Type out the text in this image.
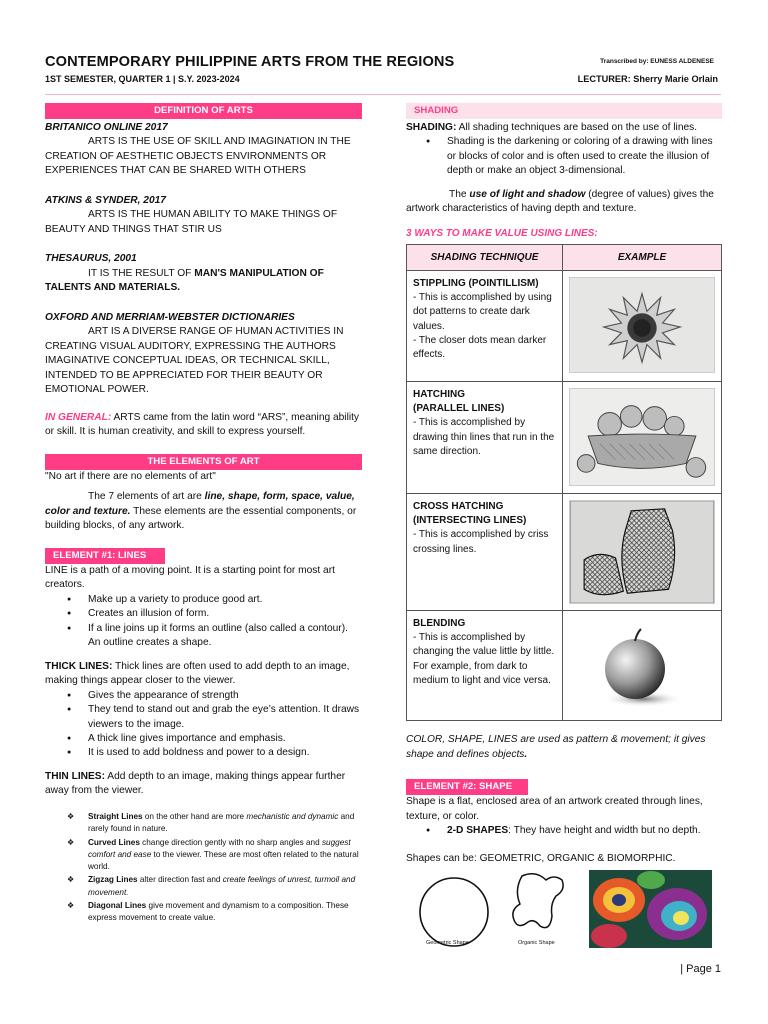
CONTEMPORARY PHILIPPINE ARTS FROM THE REGIONS
1ST SEMESTER, QUARTER 1 | S.Y. 2023-2024
Transcribed by: EUNESS ALDENESE
LECTURER: Sherry Marie Orlain
DEFINITION OF ARTS

BRITANICO ONLINE 2017

ARTS IS THE USE OF SKILL AND IMAGINATION IN THE CREATION OF AESTHETIC OBJECTS ENVIRONMENTS OR EXPERIENCES THAT CAN BE SHARED WITH OTHERS

ATKINS & SYNDER, 2017

ARTS IS THE HUMAN ABILITY TO MAKE THINGS OF BEAUTY AND THINGS THAT STIR US

THESAURUS, 2001

IT IS THE RESULT OF MAN'S MANIPULATION OF TALENTS AND MATERIALS.

OXFORD AND MERRIAM-WEBSTER DICTIONARIES

ART IS A DIVERSE RANGE OF HUMAN ACTIVITIES IN CREATING VISUAL AUDITORY, EXPRESSING THE AUTHORS IMAGINATIVE CONCEPTUAL IDEAS, OR TECHNICAL SKILL, INTENDED TO BE APPRECIATED FOR THEIR BEAUTY OR EMOTIONAL POWER.

IN GENERAL: ARTS came from the latin word “ARS”, meaning ability or skill. It is human creativity, and skill to express yourself.

THE ELEMENTS OF ART

"No art if there are no elements of art"

The 7 elements of art are line, shape, form, space, value, color and texture. These elements are the essential components, or building blocks, of any artwork.

ELEMENT #1: LINES

LINE is a path of a moving point. It is a starting point for most art creators.

● Make up a variety to produce good art.
● Creates an illusion of form.
● If a line joins up it forms an outline (also called a contour). An outline creates a shape.

THICK LINES: Thick lines are often used to add depth to an image, making things appear closer to the viewer.

● Gives the appearance of strength
● They tend to stand out and grab the eye’s attention. It draws viewers to the image.
● A thick line gives importance and emphasis.
● It is used to add boldness and power to a design.

THIN LINES: Add depth to an image, making things appear further away from the viewer.

❖ Straight Lines on the other hand are more mechanistic and dynamic and rarely found in nature.
❖ Curved Lines change direction gently with no sharp angles and suggest comfort and ease to the viewer. These are most often related to the natural world.
❖ Zigzag Lines alter direction fast and create feelings of unrest, turmoil and movement.
❖ Diagonal Lines give movement and dynamism to a composition. These express movement to create value.
SHADING

SHADING: All shading techniques are based on the use of lines.

● Shading is the darkening or coloring of a drawing with lines or blocks of color and is often used to create the illusion of depth or make an object 3-dimensional.

The use of light and shadow (degree of values) gives the artwork characteristics of having depth and texture.

3 WAYS TO MAKE VALUE USING LINES:

SHADING TECHNIQUE	EXAMPLE

STIPPLING (POINTILLISM)
- This is accomplished by using dot patterns to create dark values.
- The closer dots mean darker effects.

HATCHING
(PARALLEL LINES)
- This is accomplished by drawing thin lines that run in the same direction.

CROSS HATCHING
(INTERSECTING LINES)
- This is accomplished by criss crossing lines.

BLENDING
- This is accomplished by changing the value little by little. For example, from dark to medium to light and vice versa.

COLOR, SHAPE, LINES are used as pattern & movement; it gives shape and defines objects.

ELEMENT #2: SHAPE

Shape is a flat, enclosed area of an artwork created through lines, texture, or color.

● 2-D SHAPES: They have height and width but no depth.

Shapes can be: GEOMETRIC, ORGANIC & BIOMORPHIC.

Geometric Shape	Organic Shape
| Page 1
